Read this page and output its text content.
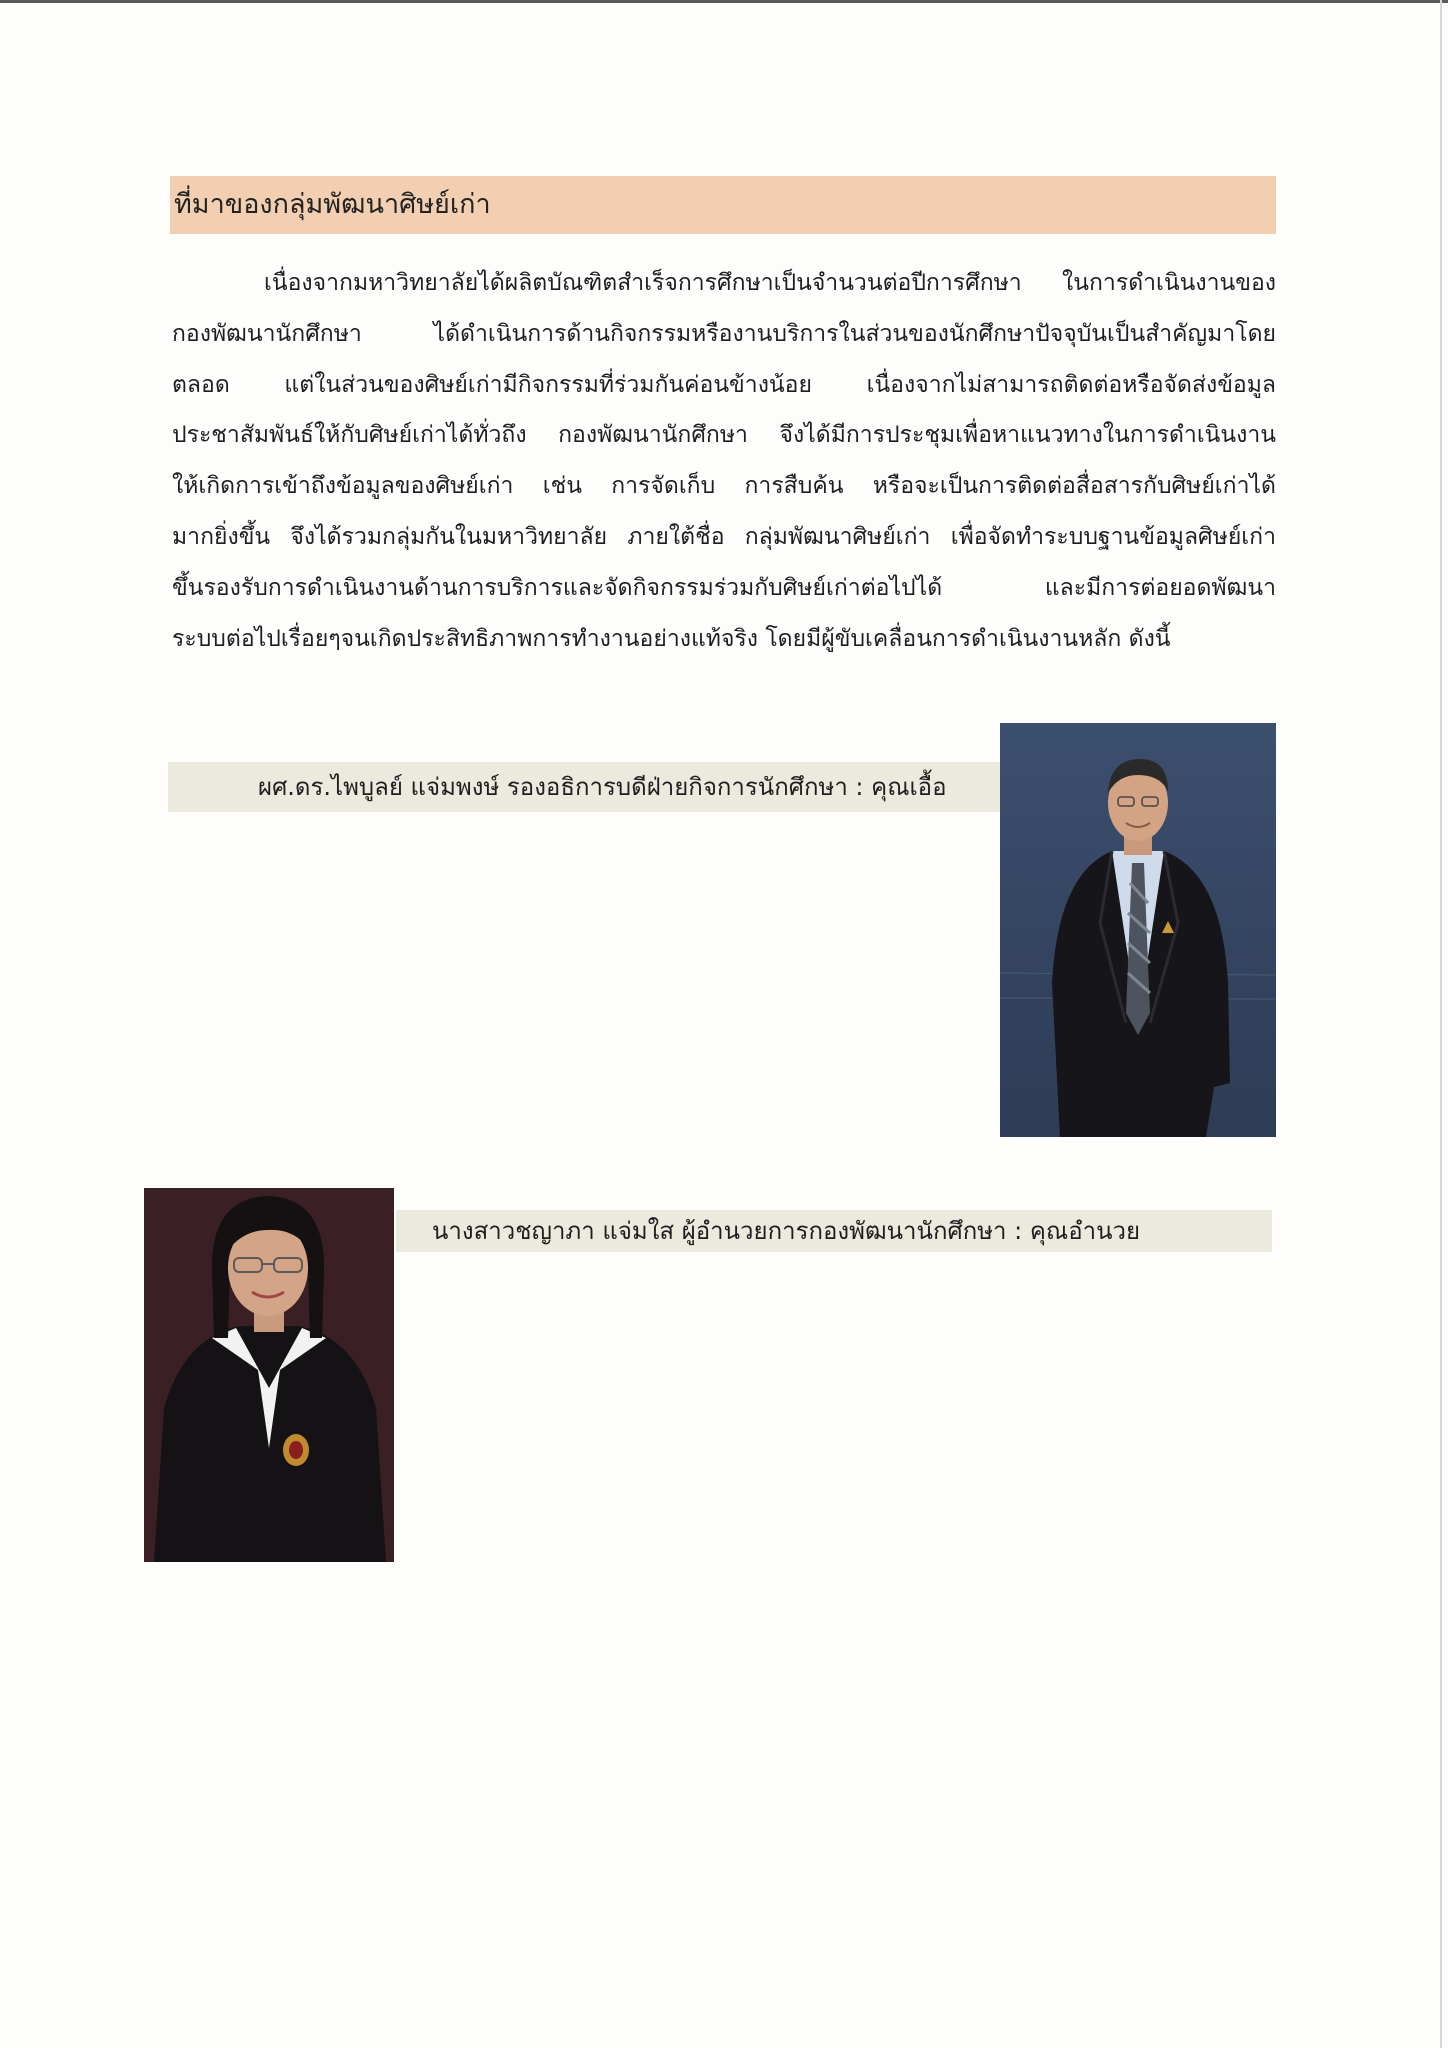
ที่มาของกลุ่มพัฒนาศิษย์เก่า
เนื่องจากมหาวิทยาลัยได้ผลิตบัณฑิตสำเร็จการศึกษาเป็นจำนวนต่อปีการศึกษา ในการดำเนินงานของ
กองพัฒนานักศึกษา ได้ดำเนินการด้านกิจกรรมหรืองานบริการในส่วนของนักศึกษาปัจจุบันเป็นสำคัญมาโดย
ตลอด แต่ในส่วนของศิษย์เก่ามีกิจกรรมที่ร่วมกันค่อนข้างน้อย เนื่องจากไม่สามารถติดต่อหรือจัดส่งข้อมูล
ประชาสัมพันธ์ให้กับศิษย์เก่าได้ทั่วถึง กองพัฒนานักศึกษา จึงได้มีการประชุมเพื่อหาแนวทางในการดำเนินงาน
ให้เกิดการเข้าถึงข้อมูลของศิษย์เก่า เช่น การจัดเก็บ การสืบค้น หรือจะเป็นการติดต่อสื่อสารกับศิษย์เก่าได้
มากยิ่งขึ้น จึงได้รวมกลุ่มกันในมหาวิทยาลัย ภายใต้ชื่อ กลุ่มพัฒนาศิษย์เก่า เพื่อจัดทำระบบฐานข้อมูลศิษย์เก่า
ขึ้นรองรับการดำเนินงานด้านการบริการและจัดกิจกรรมร่วมกับศิษย์เก่าต่อไปได้ และมีการต่อยอดพัฒนา
ระบบต่อไปเรื่อยๆจนเกิดประสิทธิภาพการทำงานอย่างแท้จริง โดยมีผู้ขับเคลื่อนการดำเนินงานหลัก ดังนี้
ผศ.ดร.ไพบูลย์ แจ่มพงษ์ รองอธิการบดีฝ่ายกิจการนักศึกษา : คุณเอื้อ
นางสาวชญาภา แจ่มใส ผู้อำนวยการกองพัฒนานักศึกษา : คุณอำนวย
